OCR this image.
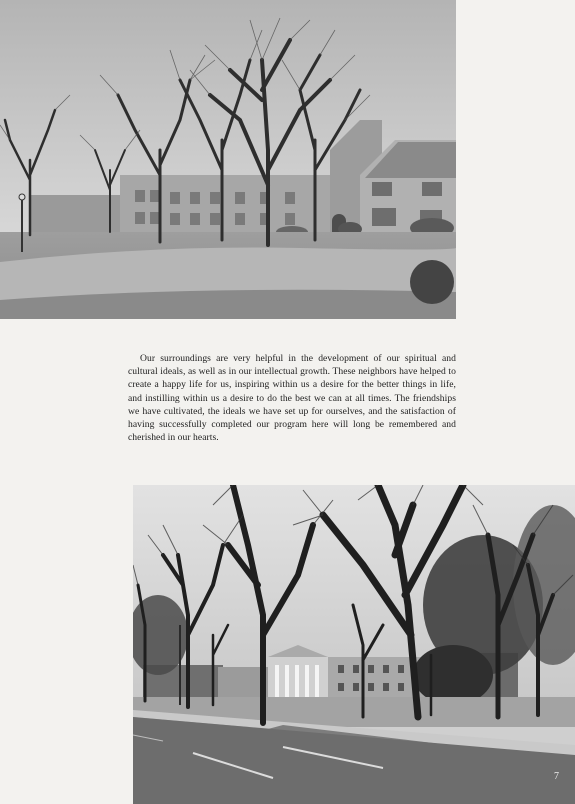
Our surroundings are very helpful in the development of our spiritual and cultural ideals, as well as in our intellectual growth. These neighbors have helped to create a happy life for us, inspiring within us a desire for the better things in life, and instilling within us a desire to do the best we can at all times. The friendships we have cultivated, the ideals we have set up for ourselves, and the satisfaction of having successfully completed our program here will long be remembered and cherished in our hearts.

7
